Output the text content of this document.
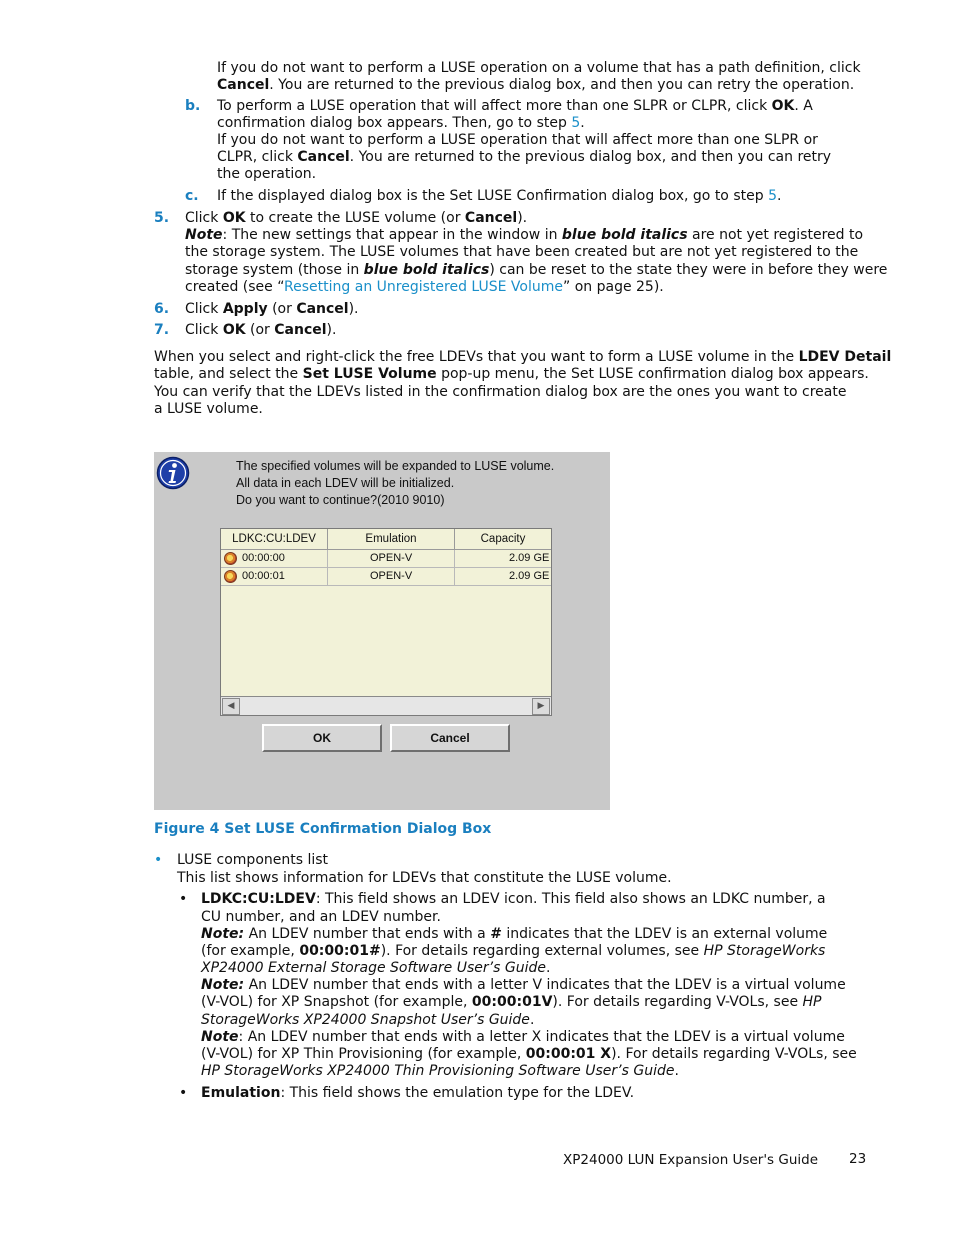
If you do not want to perform a LUSE operation on a volume that has a path definition, click
Cancel. You are returned to the previous dialog box, and then you can retry the operation.
b. To perform a LUSE operation that will affect more than one SLPR or CLPR, click OK. A
confirmation dialog box appears. Then, go to step 5.
If you do not want to perform a LUSE operation that will affect more than one SLPR or
CLPR, click Cancel. You are returned to the previous dialog box, and then you can retry
the operation.
c. If the displayed dialog box is the Set LUSE Confirmation dialog box, go to step 5.
5. Click OK to create the LUSE volume (or Cancel).
Note: The new settings that appear in the window in blue bold italics are not yet registered to
the storage system. The LUSE volumes that have been created but are not yet registered to the
storage system (those in blue bold italics) can be reset to the state they were in before they were
created (see “Resetting an Unregistered LUSE Volume” on page 25).
6. Click Apply (or Cancel).
7. Click OK (or Cancel).
When you select and right-click the free LDEVs that you want to form a LUSE volume in the LDEV Detail
table, and select the Set LUSE Volume pop-up menu, the Set LUSE confirmation dialog box appears.
You can verify that the LDEVs listed in the confirmation dialog box are the ones you want to create
a LUSE volume.
The specified volumes will be expanded to LUSE volume.
All data in each LDEV will be initialized.
Do you want to continue?(2010 9010)
LDKC:CU:LDEV	Emulation	Capacity
00:00:00	OPEN-V	2.09 GE
00:00:01	OPEN-V	2.09 GE
◀	▶
OK	Cancel
Figure 4 Set LUSE Confirmation Dialog Box
• LUSE components list
This list shows information for LDEVs that constitute the LUSE volume.
• LDKC:CU:LDEV: This field shows an LDEV icon. This field also shows an LDKC number, a
CU number, and an LDEV number.
Note: An LDEV number that ends with a # indicates that the LDEV is an external volume
(for example, 00:00:01#). For details regarding external volumes, see HP StorageWorks
XP24000 External Storage Software User’s Guide.
Note: An LDEV number that ends with a letter V indicates that the LDEV is a virtual volume
(V-VOL) for XP Snapshot (for example, 00:00:01V). For details regarding V-VOLs, see HP
StorageWorks XP24000 Snapshot User’s Guide.
Note: An LDEV number that ends with a letter X indicates that the LDEV is a virtual volume
(V-VOL) for XP Thin Provisioning (for example, 00:00:01 X). For details regarding V-VOLs, see
HP StorageWorks XP24000 Thin Provisioning Software User’s Guide.
• Emulation: This field shows the emulation type for the LDEV.
XP24000 LUN Expansion User's Guide 23
